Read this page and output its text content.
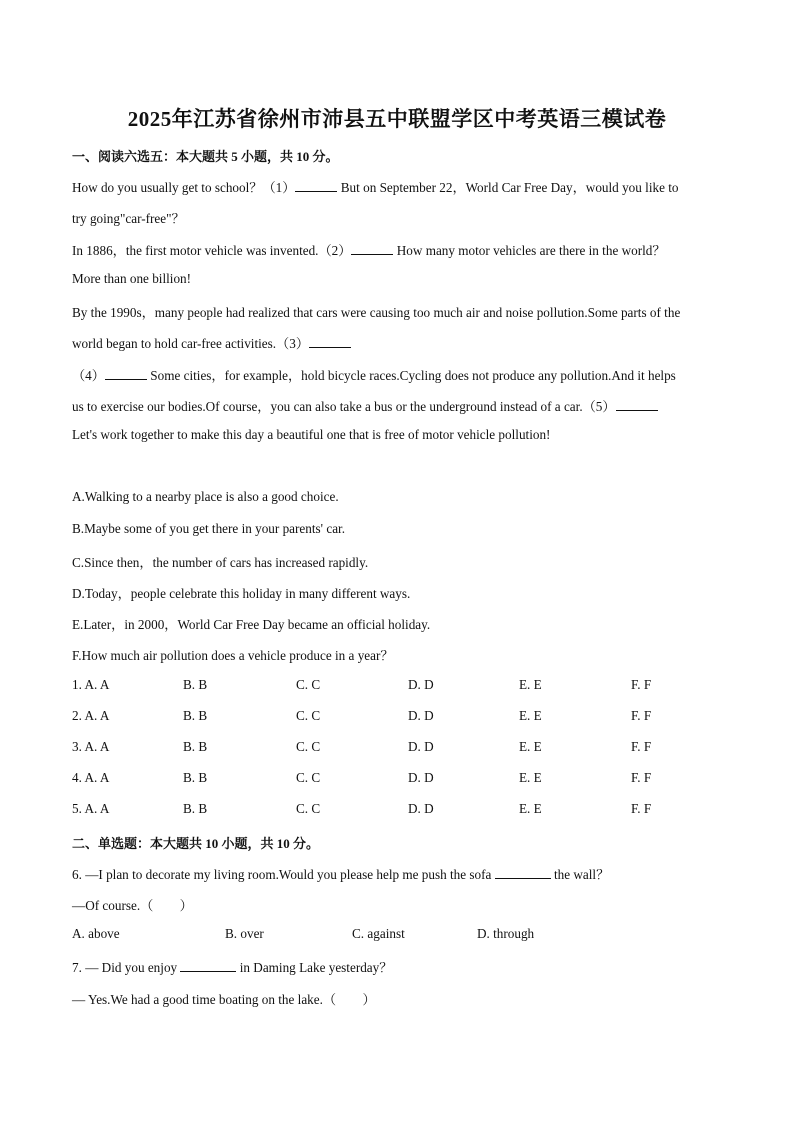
2025年江苏省徐州市沛县五中联盟学区中考英语三模试卷
一、阅读六选五：本大题共 5 小题，共 10 分。
How do you usually get to school？（1）	But on September 22，World Car Free Day，would you like to
try going"car-free"？
In 1886，the first motor vehicle was invented.（2）	How many motor vehicles are there in the world？
More than one billion!
By the 1990s，many people had realized that cars were causing too much air and noise pollution.Some parts of the
world began to hold car-free activities.（3）
（4）	Some cities，for example，hold bicycle races.Cycling does not produce any pollution.And it helps
us to exercise our bodies.Of course，you can also take a bus or the underground instead of a car.（5）
Let's work together to make this day a beautiful one that is free of motor vehicle pollution!
A.Walking to a nearby place is also a good choice.
B.Maybe some of you get there in your parents' car.
C.Since then，the number of cars has increased rapidly.
D.Today，people celebrate this holiday in many different ways.
E.Later，in 2000，World Car Free Day became an official holiday.
F.How much air pollution does a vehicle produce in a year？
1. A. A	B. B	C. C	D. D	E. E	F. F
2. A. A	B. B	C. C	D. D	E. E	F. F
3. A. A	B. B	C. C	D. D	E. E	F. F
4. A. A	B. B	C. C	D. D	E. E	F. F
5. A. A	B. B	C. C	D. D	E. E	F. F
二、单选题：本大题共 10 小题，共 10 分。
6. —I plan to decorate my living room.Would you please help me push the sofa	the wall？
—Of course.（　　）
A. above	B. over	C. against	D. through
7. — Did you enjoy	in Daming Lake yesterday？
— Yes.We had a good time boating on the lake.（　　）
